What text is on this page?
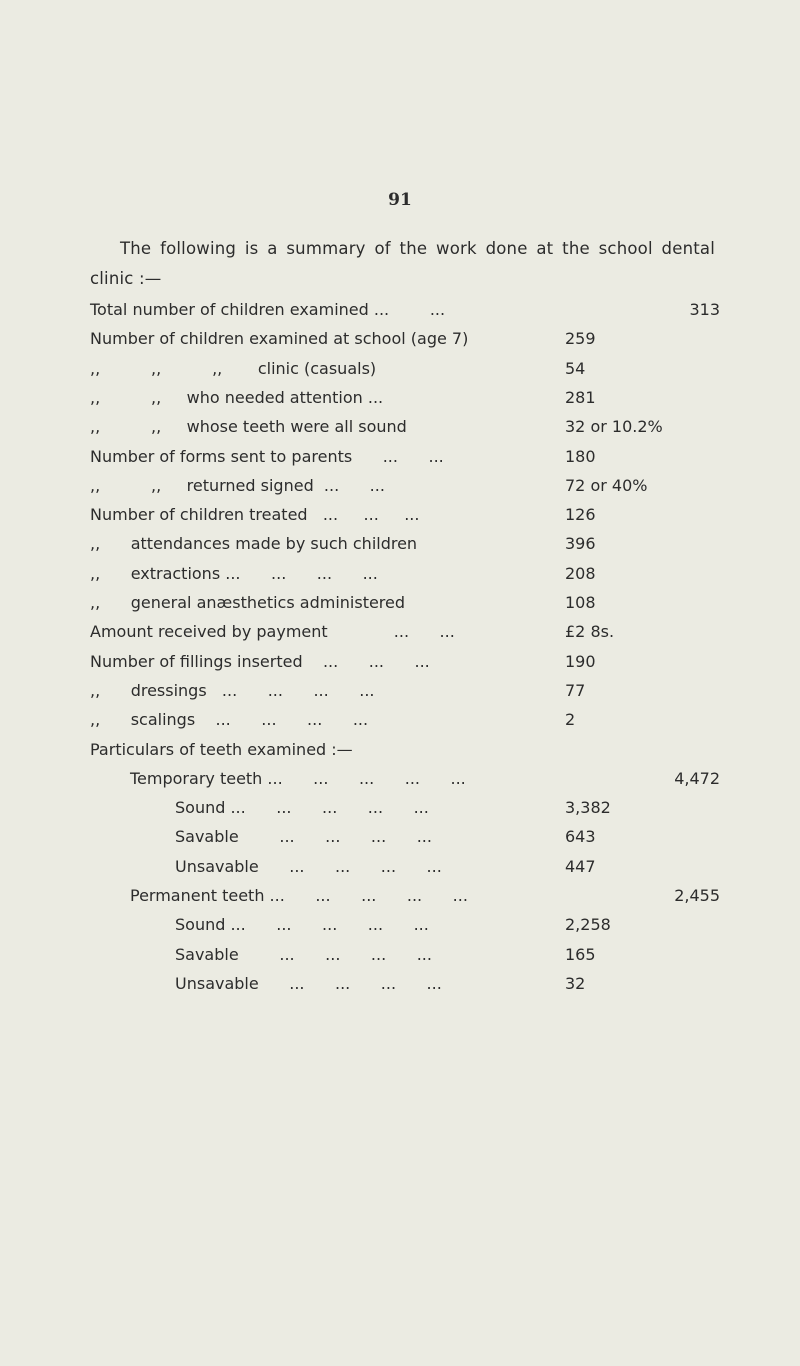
91
The following is a summary of the work done at the school dental clinic :—
Total number of children examined ...        ...	313
Number of children examined at school (age 7)	259
,,          ,,          ,,       clinic (casuals)	54
,,          ,,     who needed attention ...	281
,,          ,,     whose teeth were all sound	32 or 10.2%
Number of forms sent to parents      ...      ...	180
,,          ,,     returned signed  ...      ...	72 or 40%
Number of children treated   ...     ...     ...	126
,,      attendances made by such children	396
,,      extractions ...      ...      ...      ...	208
,,      general anæsthetics administered	108
Amount received by payment             ...      ...	£2 8s.
Number of fillings inserted    ...      ...      ...	190
,,      dressings   ...      ...      ...      ...	77
,,      scalings    ...      ...      ...      ...	2
Particulars of teeth examined :—
Temporary teeth ...      ...      ...      ...      ...	4,472
Sound ...      ...      ...      ...      ...	3,382
Savable        ...      ...      ...      ...	643
Unsavable      ...      ...      ...      ...	447
Permanent teeth ...      ...      ...      ...      ...	2,455
Sound ...      ...      ...      ...      ...	2,258
Savable        ...      ...      ...      ...	165
Unsavable      ...      ...      ...      ...	32
